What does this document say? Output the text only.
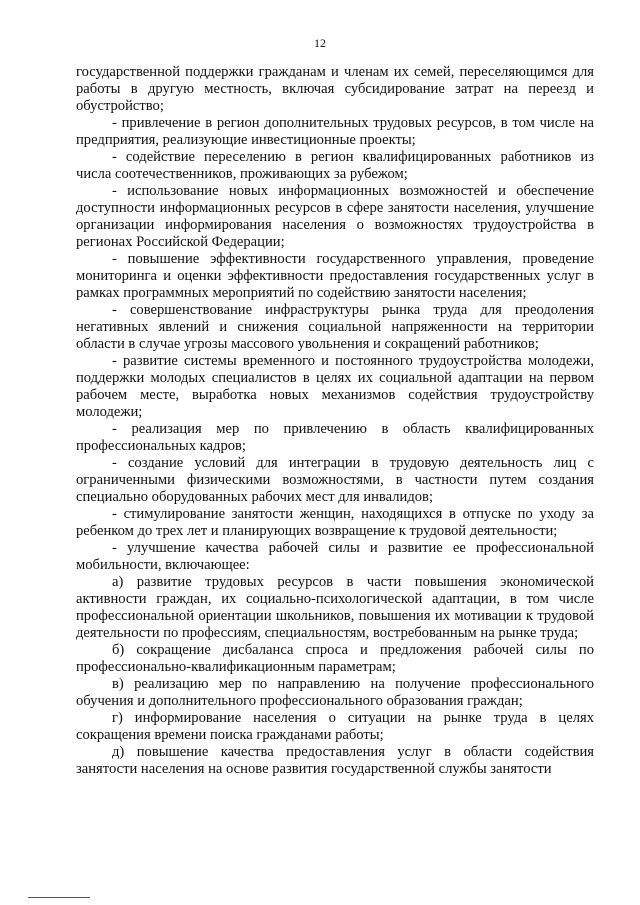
12

государственной поддержки гражданам и членам их семей, переселяющимся для работы в другую местность, включая субсидирование затрат на переезд и обустройство;

- привлечение в регион дополнительных трудовых ресурсов, в том числе на предприятия, реализующие инвестиционные проекты;

- содействие переселению в регион квалифицированных работников из числа соотечественников, проживающих за рубежом;

- использование новых информационных возможностей и обеспечение доступности информационных ресурсов в сфере занятости населения, улучшение организации информирования населения о возможностях трудоустройства в регионах Российской Федерации;

- повышение эффективности государственного управления, проведение мониторинга и оценки эффективности предоставления государственных услуг в рамках программных мероприятий по содействию занятости населения;

- совершенствование инфраструктуры рынка труда для преодоления негативных явлений и снижения социальной напряженности на территории области в случае угрозы массового увольнения и сокращений работников;

- развитие системы временного и постоянного трудоустройства молодежи, поддержки молодых специалистов в целях их социальной адаптации на первом рабочем месте, выработка новых механизмов содействия трудоустройству молодежи;

- реализация мер по привлечению в область квалифицированных профессиональных кадров;

- создание условий для интеграции в трудовую деятельность лиц с ограниченными физическими возможностями, в частности путем создания специально оборудованных рабочих мест для инвалидов;

- стимулирование занятости женщин, находящихся в отпуске по уходу за ребенком до трех лет и планирующих возвращение к трудовой деятельности;

- улучшение качества рабочей силы и развитие ее профессиональной мобильности, включающее:

а) развитие трудовых ресурсов в части повышения экономической активности граждан, их социально-психологической адаптации, в том числе профессиональной ориентации школьников, повышения их мотивации к трудовой деятельности по профессиям, специальностям, востребованным на рынке труда;

б) сокращение дисбаланса спроса и предложения рабочей силы по профессионально-квалификационным параметрам;

в) реализацию мер по направлению на получение профессионального обучения и дополнительного профессионального образования граждан;

г) информирование населения о ситуации на рынке труда в целях сокращения времени поиска гражданами работы;

д) повышение качества предоставления услуг в области содействия занятости населения на основе развития государственной службы занятости
